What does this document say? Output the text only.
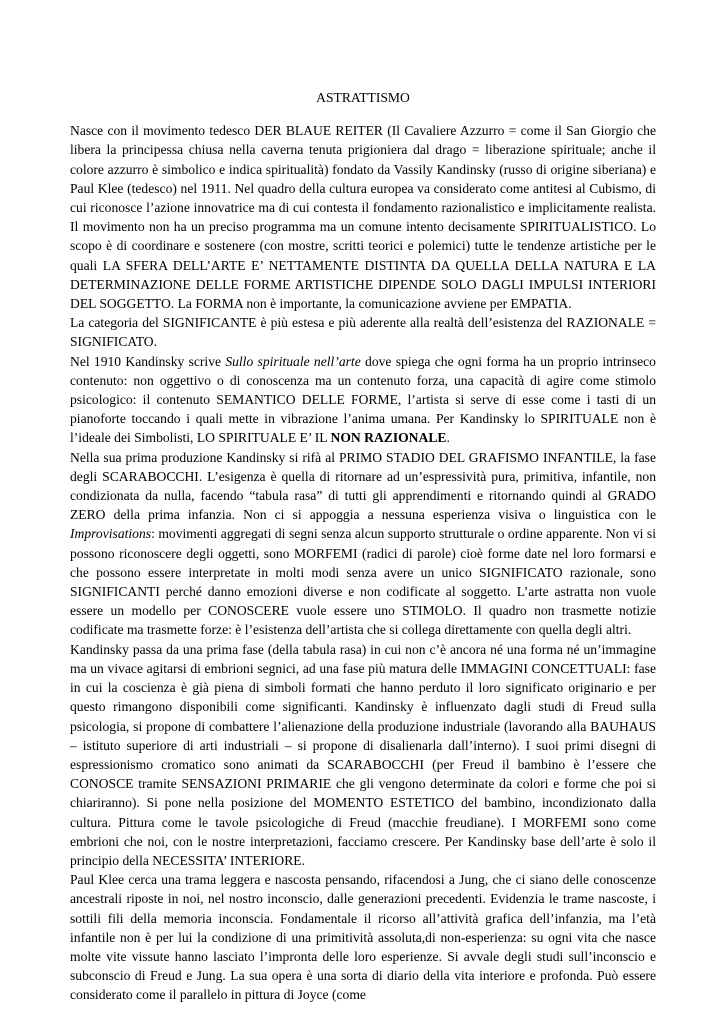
ASTRATTISMO

Nasce con il movimento tedesco DER BLAUE REITER (Il Cavaliere Azzurro = come il San Giorgio che libera la principessa chiusa nella caverna tenuta prigioniera dal drago = liberazione spirituale; anche il colore azzurro è simbolico e indica spiritualità) fondato da Vassily Kandinsky (russo di origine siberiana) e Paul Klee (tedesco) nel 1911. Nel quadro della cultura europea va considerato come antitesi al Cubismo, di cui riconosce l’azione innovatrice ma di cui contesta il fondamento razionalistico e implicitamente realista. Il movimento non ha un preciso programma ma un comune intento decisamente SPIRITUALISTICO. Lo scopo è di coordinare e sostenere (con mostre, scritti teorici e polemici) tutte le tendenze artistiche per le quali LA SFERA DELL’ARTE E’ NETTAMENTE DISTINTA DA QUELLA DELLA NATURA E LA DETERMINAZIONE DELLE FORME ARTISTICHE DIPENDE SOLO DAGLI IMPULSI INTERIORI DEL SOGGETTO. La FORMA non è importante, la comunicazione avviene per EMPATIA.

La categoria del SIGNIFICANTE è più estesa e più aderente alla realtà dell’esistenza del RAZIONALE = SIGNIFICATO.

Nel 1910 Kandinsky scrive Sullo spirituale nell’arte dove spiega che ogni forma ha un proprio intrinseco contenuto: non oggettivo o di conoscenza ma un contenuto forza, una capacità di agire come stimolo psicologico: il contenuto SEMANTICO DELLE FORME, l’artista si serve di esse come i tasti di un pianoforte toccando i quali mette in vibrazione l’anima umana. Per Kandinsky lo SPIRITUALE non è l’ideale dei Simbolisti, LO SPIRITUALE E’ IL NON RAZIONALE.

Nella sua prima produzione Kandinsky si rifà al PRIMO STADIO DEL GRAFISMO INFANTILE, la fase degli SCARABOCCHI. L’esigenza è quella di ritornare ad un’espressività pura, primitiva, infantile, non condizionata da nulla, facendo “tabula rasa” di tutti gli apprendimenti e ritornando quindi al GRADO ZERO della prima infanzia. Non ci si appoggia a nessuna esperienza visiva o linguistica con le Improvisations: movimenti aggregati di segni senza alcun supporto strutturale o ordine apparente. Non vi si possono riconoscere degli oggetti, sono MORFEMI (radici di parole) cioè forme date nel loro formarsi e che possono essere interpretate in molti modi senza avere un unico SIGNIFICATO razionale, sono SIGNIFICANTI perché danno emozioni diverse e non codificate al soggetto. L’arte astratta non vuole essere un modello per CONOSCERE vuole essere uno STIMOLO. Il quadro non trasmette notizie codificate ma trasmette forze: è l’esistenza dell’artista che si collega direttamente con quella degli altri.

Kandinsky passa da una prima fase (della tabula rasa) in cui non c’è ancora né una forma né un’immagine ma un vivace agitarsi di embrioni segnici, ad una fase più matura delle IMMAGINI CONCETTUALI: fase in cui la coscienza è già piena di simboli formati che hanno perduto il loro significato originario e per questo rimangono disponibili come significanti. Kandinsky è influenzato dagli studi di Freud sulla psicologia, si propone di combattere l’alienazione della produzione industriale (lavorando alla BAUHAUS – istituto superiore di arti industriali – si propone di disalienarla dall’interno). I suoi primi disegni di espressionismo cromatico sono animati da SCARABOCCHI (per Freud il bambino è l’essere che CONOSCE tramite SENSAZIONI PRIMARIE che gli vengono determinate da colori e forme che poi si chiariranno). Si pone nella posizione del MOMENTO ESTETICO del bambino, incondizionato dalla cultura. Pittura come le tavole psicologiche di Freud (macchie freudiane). I MORFEMI sono come embrioni che noi, con le nostre interpretazioni, facciamo crescere. Per Kandinsky base dell’arte è solo il principio della NECESSITA’ INTERIORE.

Paul Klee cerca una trama leggera e nascosta pensando, rifacendosi a Jung, che ci siano delle conoscenze ancestrali riposte in noi, nel nostro inconscio, dalle generazioni precedenti. Evidenzia le trame nascoste, i sottili fili della memoria inconscia. Fondamentale il ricorso all’attività grafica dell’infanzia, ma l’età infantile non è per lui la condizione di una primitività assoluta,di non-esperienza: su ogni vita che nasce molte vite vissute hanno lasciato l’impronta delle loro esperienze. Si avvale degli studi sull’inconscio e subconscio di Freud e Jung. La sua opera è una sorta di diario della vita interiore e profonda. Può essere considerato come il parallelo in pittura di Joyce (come
